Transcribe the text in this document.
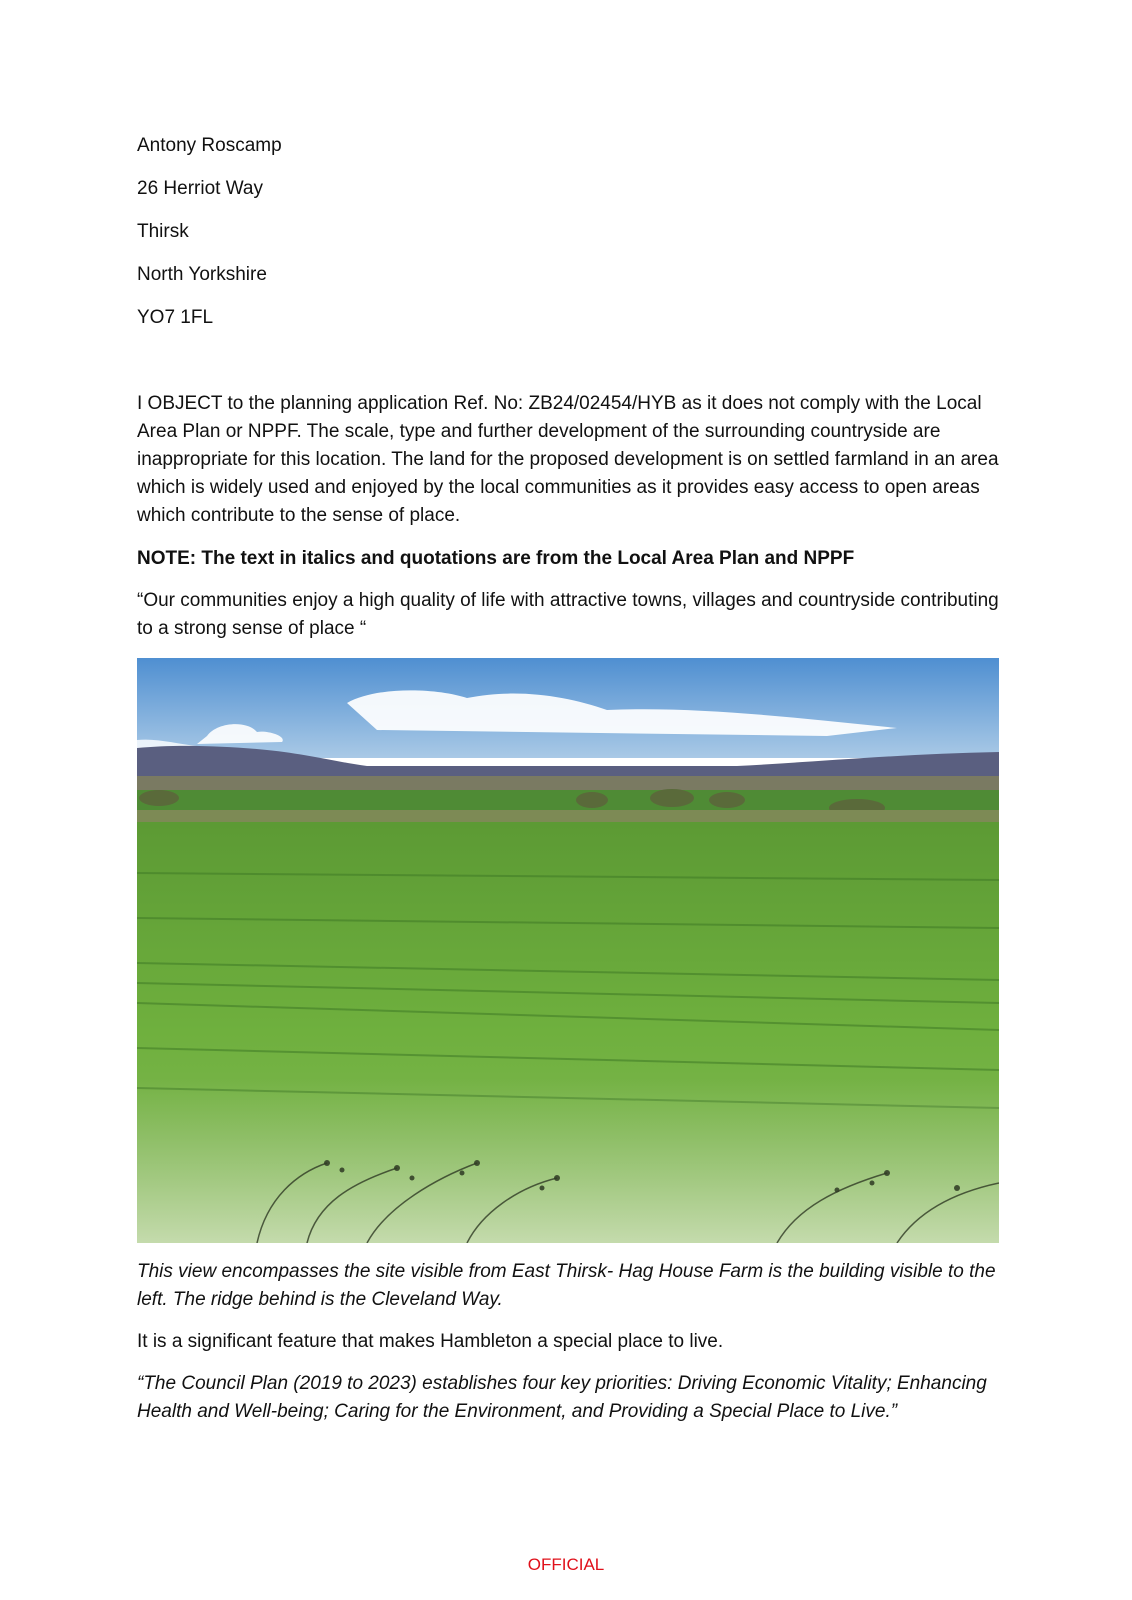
Antony Roscamp

26 Herriot Way

Thirsk

North Yorkshire

YO7 1FL

I OBJECT to the planning application Ref. No: ZB24/02454/HYB as it does not comply with the Local Area Plan or NPPF. The scale, type and further development of the surrounding countryside are inappropriate for this location. The land for the proposed development is on settled farmland in an area which is widely used and enjoyed by the local communities as it provides easy access to open areas which contribute to the sense of place.

NOTE: The text in italics and quotations are from the Local Area Plan and NPPF

“Our communities enjoy a high quality of life with attractive towns, villages and countryside contributing to a strong sense of place “

This view encompasses the site visible from East Thirsk- Hag House Farm is the building visible to the left. The ridge behind is the Cleveland Way.

It is a significant feature that makes Hambleton a special place to live.

“The Council Plan (2019 to 2023) establishes four key priorities: Driving Economic Vitality; Enhancing Health and Well-being; Caring for the Environment, and Providing a Special Place to Live.”

OFFICIAL
